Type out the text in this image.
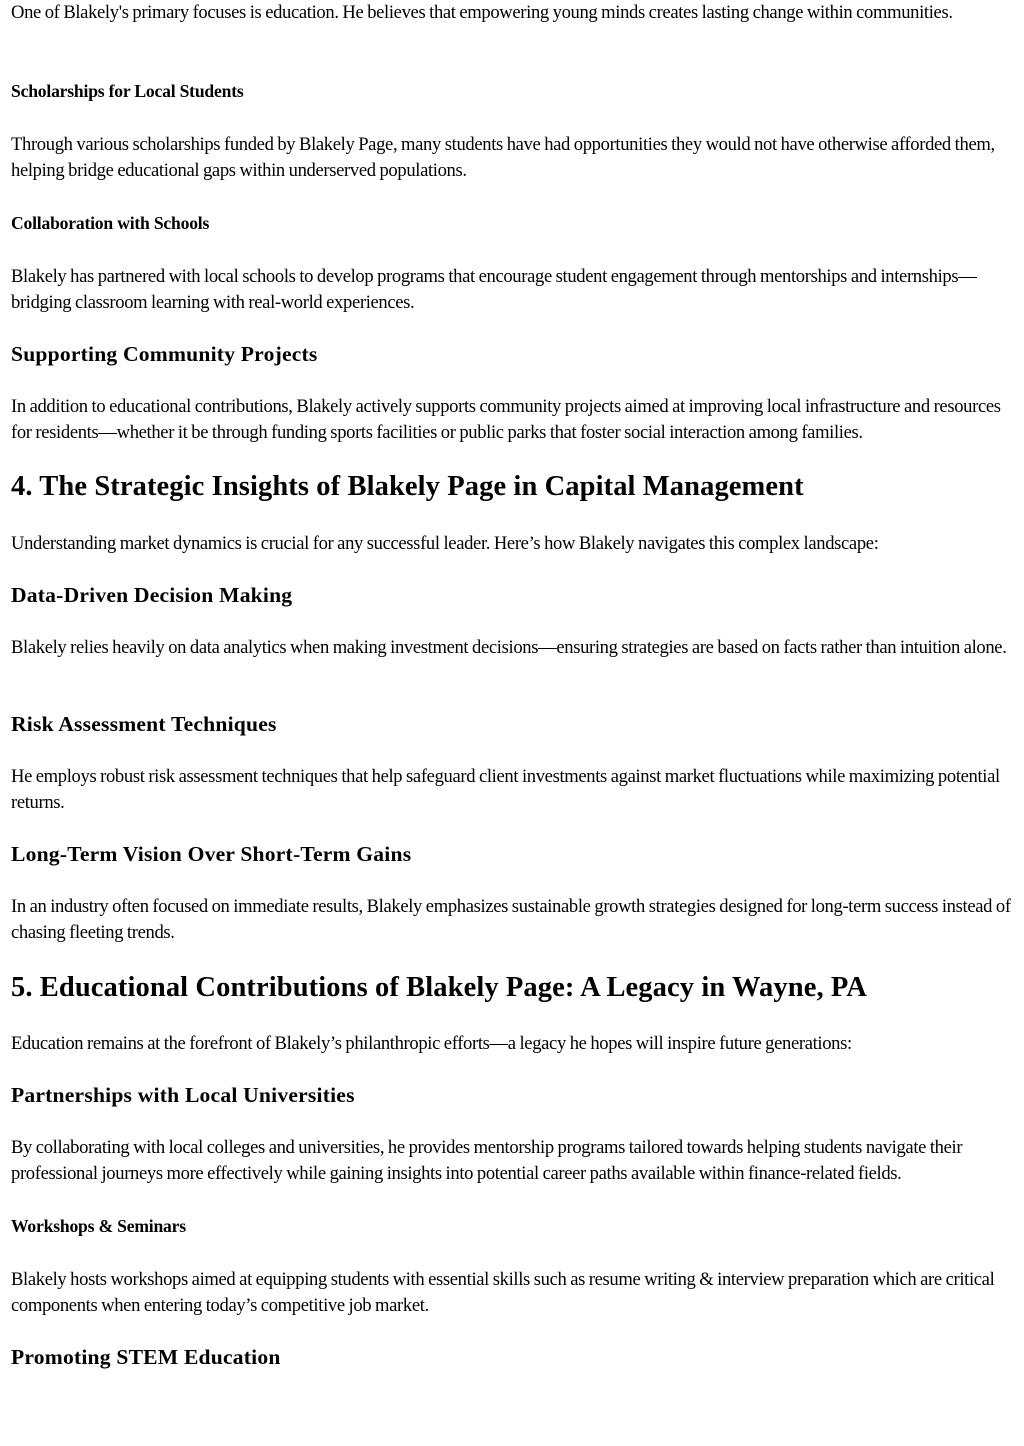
One of Blakely's primary focuses is education. He believes that empowering young minds creates lasting change within communities.

Scholarships for Local Students

Through various scholarships funded by Blakely Page, many students have had opportunities they would not have otherwise afforded them, helping bridge educational gaps within underserved populations.

Collaboration with Schools

Blakely has partnered with local schools to develop programs that encourage student engagement through mentorships and internships—bridging classroom learning with real-world experiences.

Supporting Community Projects

In addition to educational contributions, Blakely actively supports community projects aimed at improving local infrastructure and resources for residents—whether it be through funding sports facilities or public parks that foster social interaction among families.

4. The Strategic Insights of Blakely Page in Capital Management

Understanding market dynamics is crucial for any successful leader. Here’s how Blakely navigates this complex landscape:

Data-Driven Decision Making

Blakely relies heavily on data analytics when making investment decisions—ensuring strategies are based on facts rather than intuition alone.

Risk Assessment Techniques

He employs robust risk assessment techniques that help safeguard client investments against market fluctuations while maximizing potential returns.

Long-Term Vision Over Short-Term Gains

In an industry often focused on immediate results, Blakely emphasizes sustainable growth strategies designed for long-term success instead of chasing fleeting trends.

5. Educational Contributions of Blakely Page: A Legacy in Wayne, PA

Education remains at the forefront of Blakely’s philanthropic efforts—a legacy he hopes will inspire future generations:

Partnerships with Local Universities

By collaborating with local colleges and universities, he provides mentorship programs tailored towards helping students navigate their professional journeys more effectively while gaining insights into potential career paths available within finance-related fields.

Workshops & Seminars

Blakely hosts workshops aimed at equipping students with essential skills such as resume writing & interview preparation which are critical components when entering today’s competitive job market.

Promoting STEM Education
